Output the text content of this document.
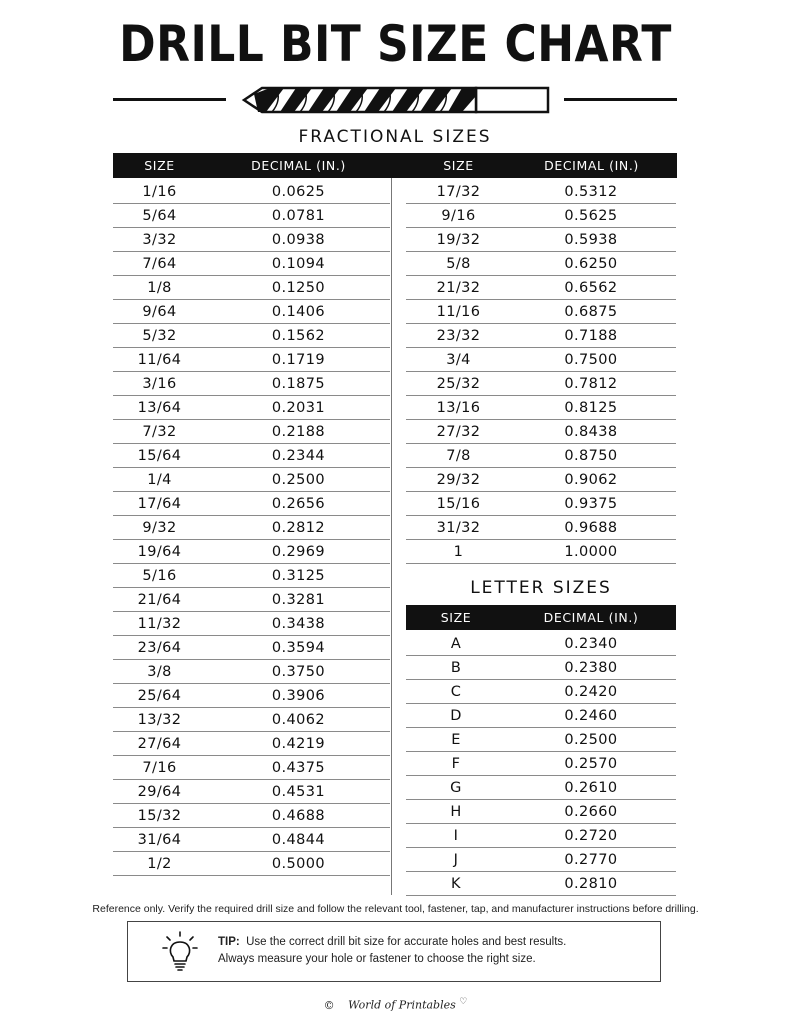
DRILL BIT SIZE CHART
FRACTIONAL SIZES
SIZE	DECIMAL (IN.)	SIZE	DECIMAL (IN.)
1/16	0.0625
5/64	0.0781
3/32	0.0938
7/64	0.1094
1/8	0.1250
9/64	0.1406
5/32	0.1562
11/64	0.1719
3/16	0.1875
13/64	0.2031
7/32	0.2188
15/64	0.2344
1/4	0.2500
17/64	0.2656
9/32	0.2812
19/64	0.2969
5/16	0.3125
21/64	0.3281
11/32	0.3438
23/64	0.3594
3/8	0.3750
25/64	0.3906
13/32	0.4062
27/64	0.4219
7/16	0.4375
29/64	0.4531
15/32	0.4688
31/64	0.4844
1/2	0.5000
17/32	0.5312
9/16	0.5625
19/32	0.5938
5/8	0.6250
21/32	0.6562
11/16	0.6875
23/32	0.7188
3/4	0.7500
25/32	0.7812
13/16	0.8125
27/32	0.8438
7/8	0.8750
29/32	0.9062
15/16	0.9375
31/32	0.9688
1	1.0000
LETTER SIZES
SIZE	DECIMAL (IN.)
A	0.2340
B	0.2380
C	0.2420
D	0.2460
E	0.2500
F	0.2570
G	0.2610
H	0.2660
I	0.2720
J	0.2770
K	0.2810
Reference only. Verify the required drill size and follow the relevant tool, fastener, tap, and manufacturer instructions before drilling.
TIP: Use the correct drill bit size for accurate holes and best results.
Always measure your hole or fastener to choose the right size.
© World of Printables ♡
